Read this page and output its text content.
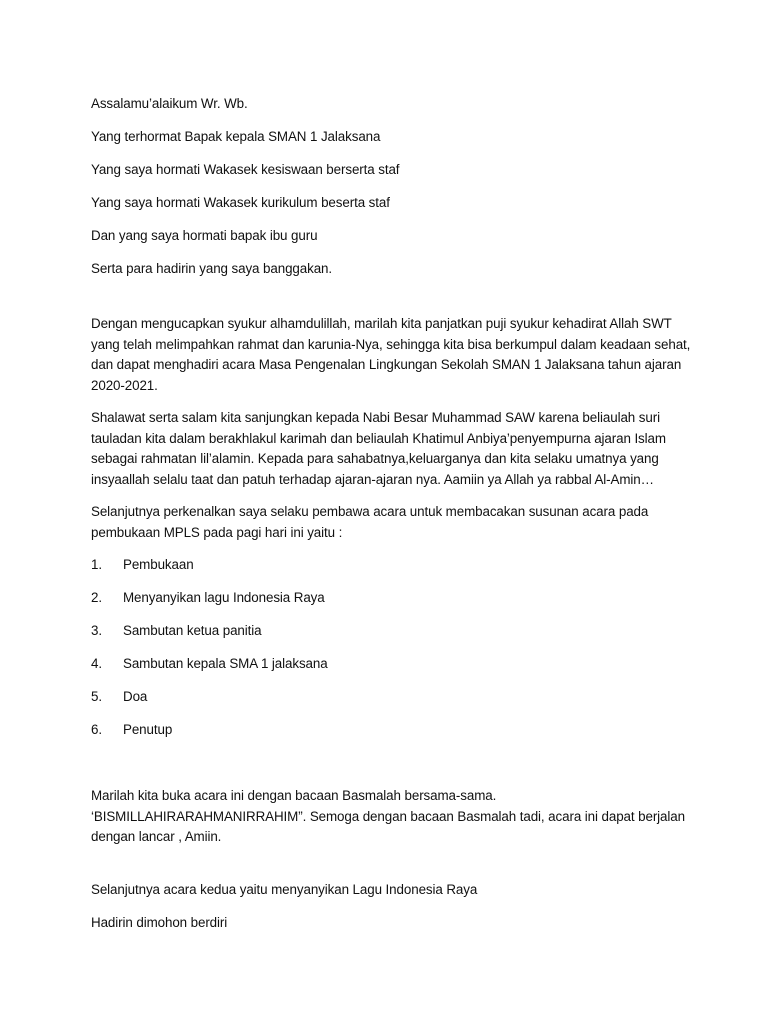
Assalamu’alaikum Wr. Wb.
Yang terhormat Bapak kepala SMAN 1 Jalaksana
Yang saya hormati Wakasek kesiswaan berserta staf
Yang saya hormati Wakasek kurikulum beserta staf
Dan yang saya hormati bapak ibu guru
Serta para hadirin yang saya banggakan.

Dengan mengucapkan syukur alhamdulillah, marilah kita panjatkan puji syukur kehadirat Allah SWT yang telah melimpahkan rahmat dan karunia-Nya, sehingga kita bisa berkumpul dalam keadaan sehat, dan dapat menghadiri acara Masa Pengenalan Lingkungan Sekolah SMAN 1 Jalaksana tahun ajaran 2020-2021.

Shalawat serta salam kita sanjungkan kepada Nabi Besar Muhammad SAW karena beliaulah suri tauladan kita dalam berakhlakul karimah dan beliaulah Khatimul Anbiya’penyempurna ajaran Islam sebagai rahmatan lil’alamin. Kepada para sahabatnya,keluarganya dan kita selaku umatnya yang insyaallah selalu taat dan patuh terhadap ajaran-ajaran nya. Aamiin ya Allah ya rabbal Al-Amin…

Selanjutnya perkenalkan saya selaku pembawa acara untuk membacakan susunan acara pada pembukaan MPLS pada pagi hari ini yaitu :

1.	Pembukaan
2.	Menyanyikan lagu Indonesia Raya
3.	Sambutan ketua panitia
4.	Sambutan kepala SMA 1 jalaksana
5.	Doa
6.	Penutup

Marilah kita buka acara ini dengan bacaan Basmalah bersama-sama. ‘BISMILLAHIRARAHMANIRRAHIM”. Semoga dengan bacaan Basmalah tadi, acara ini dapat berjalan dengan lancar , Amiin.

Selanjutnya acara kedua yaitu menyanyikan Lagu Indonesia Raya
Hadirin dimohon berdiri
